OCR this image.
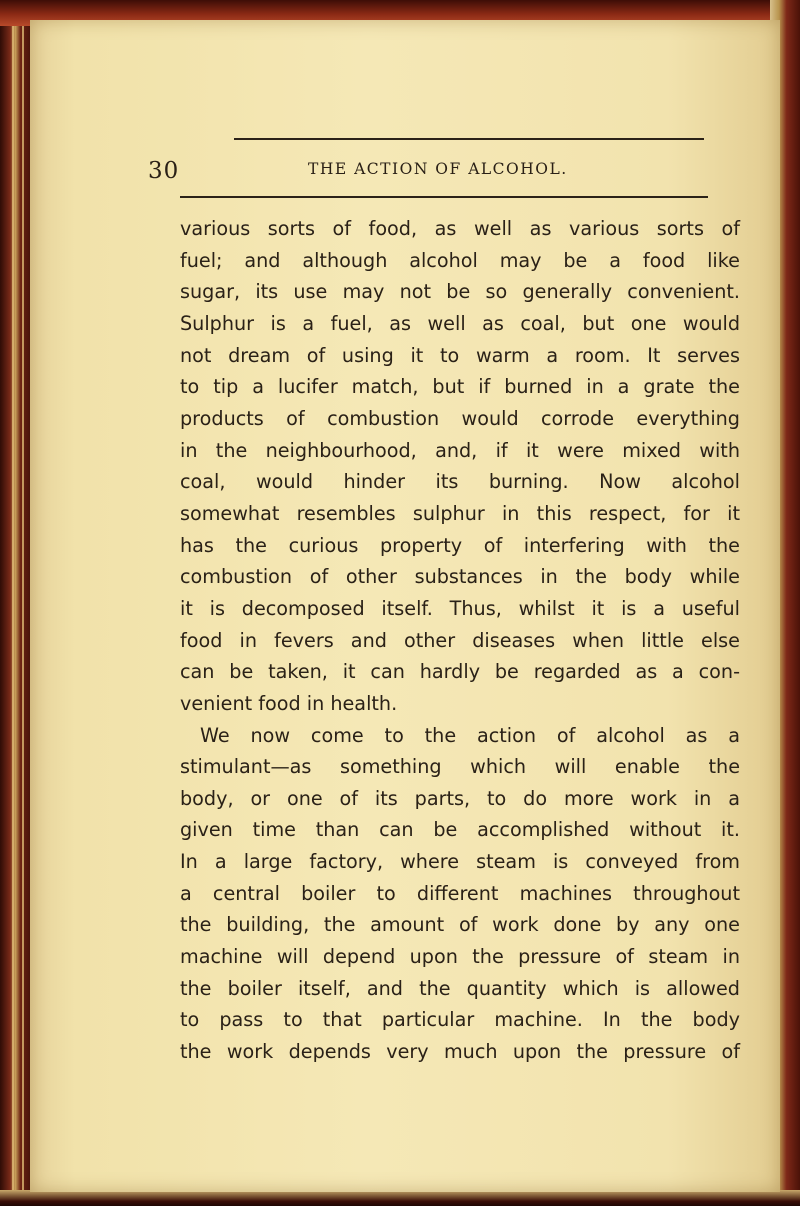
30	THE ACTION OF ALCOHOL.
various sorts of food, as well as various sorts of
fuel; and although alcohol may be a food like
sugar, its use may not be so generally convenient.
Sulphur is a fuel, as well as coal, but one would
not dream of using it to warm a room. It serves
to tip a lucifer match, but if burned in a grate the
products of combustion would corrode everything
in the neighbourhood, and, if it were mixed with
coal, would hinder its burning. Now alcohol
somewhat resembles sulphur in this respect, for it
has the curious property of interfering with the
combustion of other substances in the body while
it is decomposed itself. Thus, whilst it is a useful
food in fevers and other diseases when little else
can be taken, it can hardly be regarded as a con-
venient food in health.
We now come to the action of alcohol as a
stimulant—as something which will enable the
body, or one of its parts, to do more work in a
given time than can be accomplished without it.
In a large factory, where steam is conveyed from
a central boiler to different machines throughout
the building, the amount of work done by any one
machine will depend upon the pressure of steam in
the boiler itself, and the quantity which is allowed
to pass to that particular machine. In the body
the work depends very much upon the pressure of
